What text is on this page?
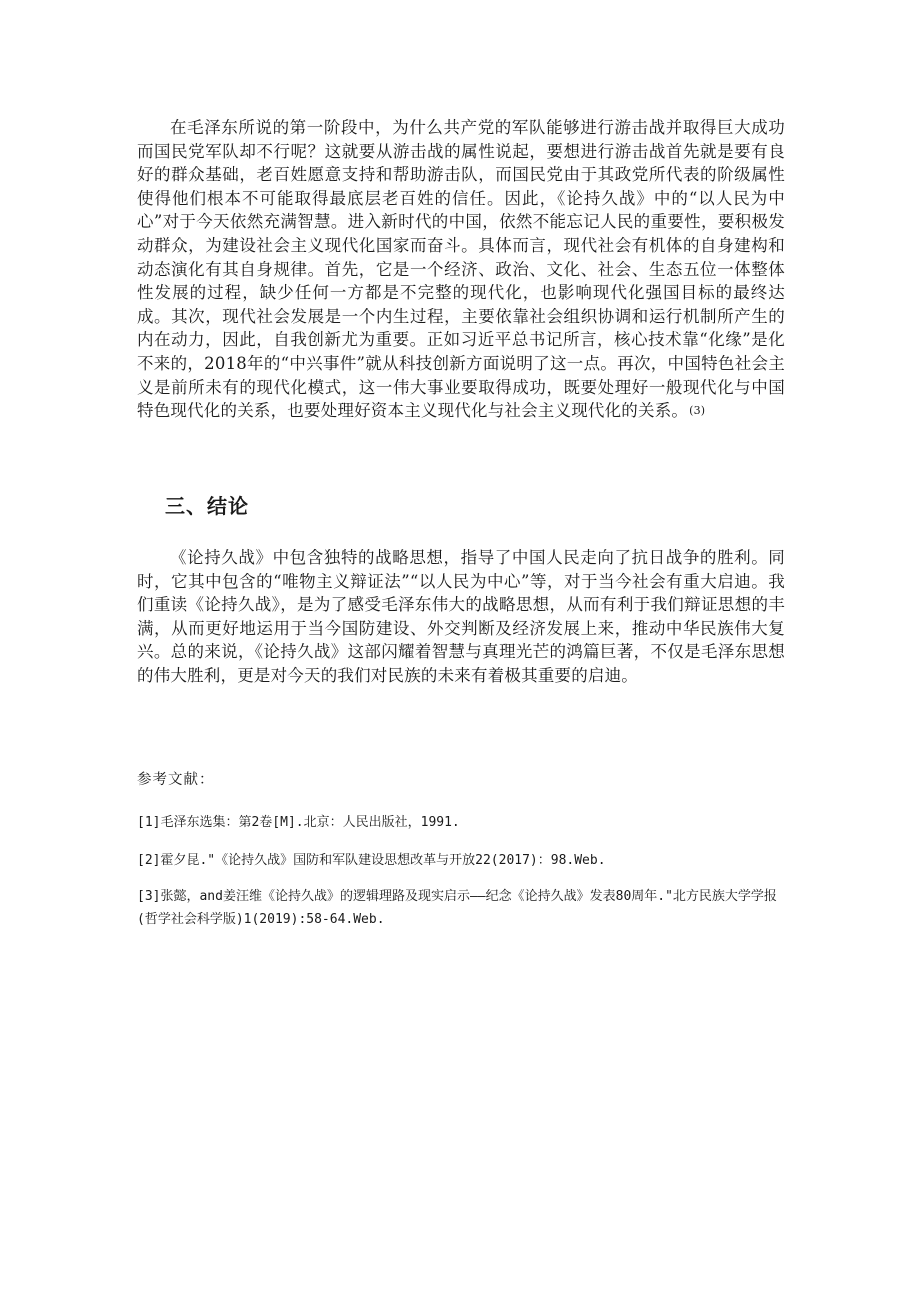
在毛泽东所说的第一阶段中，为什么共产党的军队能够进行游击战并取得巨大成功而国民党军队却不行呢？这就要从游击战的属性说起，要想进行游击战首先就是要有良好的群众基础，老百姓愿意支持和帮助游击队，而国民党由于其政党所代表的阶级属性使得他们根本不可能取得最底层老百姓的信任。因此，《论持久战》中的“以人民为中心”对于今天依然充满智慧。进入新时代的中国，依然不能忘记人民的重要性，要积极发动群众，为建设社会主义现代化国家而奋斗。具体而言，现代社会有机体的自身建构和动态演化有其自身规律。首先，它是一个经济、政治、文化、社会、生态五位一体整体性发展的过程，缺少任何一方都是不完整的现代化，也影响现代化强国目标的最终达成。其次，现代社会发展是一个内生过程，主要依靠社会组织协调和运行机制所产生的内在动力，因此，自我创新尤为重要。正如习近平总书记所言，核心技术靠“化缘”是化不来的，2018年的“中兴事件”就从科技创新方面说明了这一点。再次，中国特色社会主义是前所未有的现代化模式，这一伟大事业要取得成功，既要处理好一般现代化与中国特色现代化的关系，也要处理好资本主义现代化与社会主义现代化的关系。(3)

三、结论

《论持久战》中包含独特的战略思想，指导了中国人民走向了抗日战争的胜利。同时，它其中包含的“唯物主义辩证法”“以人民为中心”等，对于当今社会有重大启迪。我们重读《论持久战》，是为了感受毛泽东伟大的战略思想，从而有利于我们辩证思想的丰满，从而更好地运用于当今国防建设、外交判断及经济发展上来，推动中华民族伟大复兴。总的来说，《论持久战》这部闪耀着智慧与真理光芒的鸿篇巨著，不仅是毛泽东思想的伟大胜利，更是对今天的我们对民族的未来有着极其重要的启迪。

参考文献：

[1]毛泽东选集：第2卷[M].北京：人民出版社，1991.

[2]霍夕昆."《论持久战》国防和军队建设思想改革与开放22(2017)：98.Web.

[3]张懿，and姜汪维《论持久战》的逻辑理路及现实启示——纪念《论持久战》发表80周年."北方民族大学学报(哲学社会科学版)1(2019):58-64.Web.
